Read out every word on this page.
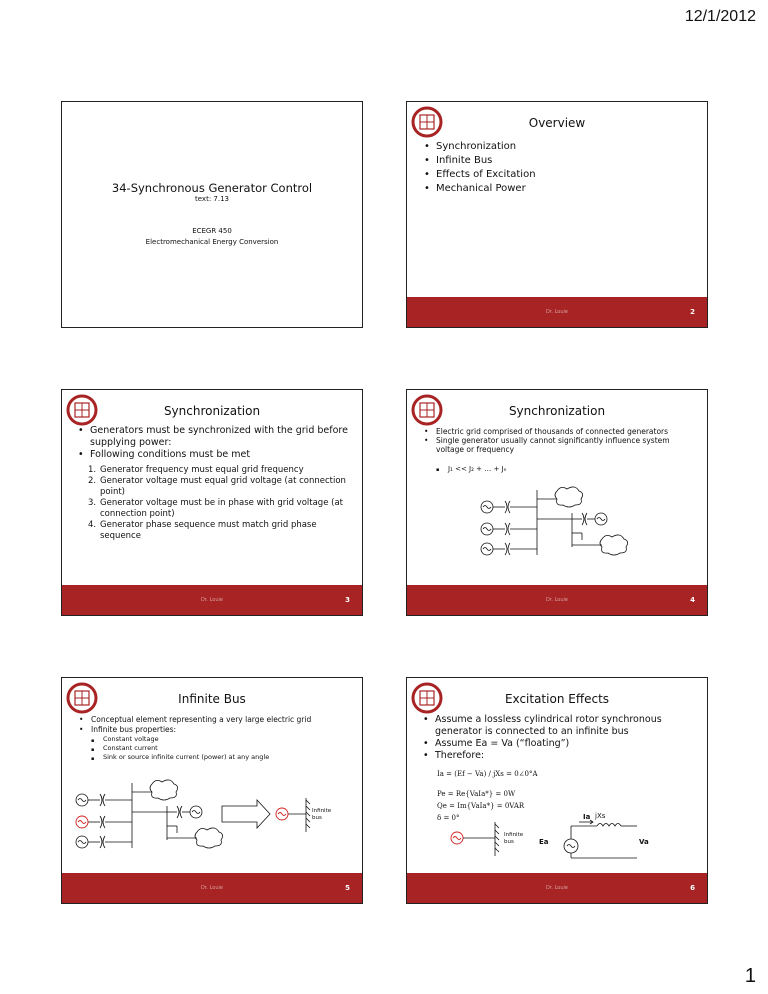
12/1/2012
34-Synchronous Generator Control
text: 7.13
ECEGR 450
Electromechanical Energy Conversion
Overview
• Synchronization
• Infinite Bus
• Effects of Excitation
• Mechanical Power
Dr. Louie	2
Synchronization
• Generators must be synchronized with the grid before supplying power:
• Following conditions must be met
1. Generator frequency must equal grid frequency
2. Generator voltage must equal grid voltage (at connection point)
3. Generator voltage must be in phase with grid voltage (at connection point)
4. Generator phase sequence must match grid phase sequence
Dr. Louie	3
Synchronization
• Electric grid comprised of thousands of connected generators
• Single generator usually cannot significantly influence system voltage or frequency
▪ J₁ << J₂ + … + Jₙ
Dr. Louie	4
Infinite Bus
• Conceptual element representing a very large electric grid
• Infinite bus properties:
▪ Constant voltage
▪ Constant current
▪ Sink or source infinite current (power) at any angle
Infinite bus
Dr. Louie	5
Excitation Effects
• Assume a lossless cylindrical rotor synchronous generator is connected to an infinite bus
• Assume Ea = Va (“floating”)
• Therefore:
Ia = (Ef − Va) / jXs = 0∠0°A
Pe = Re{VaIa*} = 0W
Qe = Im{VaIa*} = 0VAR
δ = 0°
Infinite bus
Ia jXs
Ea	Va
Dr. Louie	6
1
